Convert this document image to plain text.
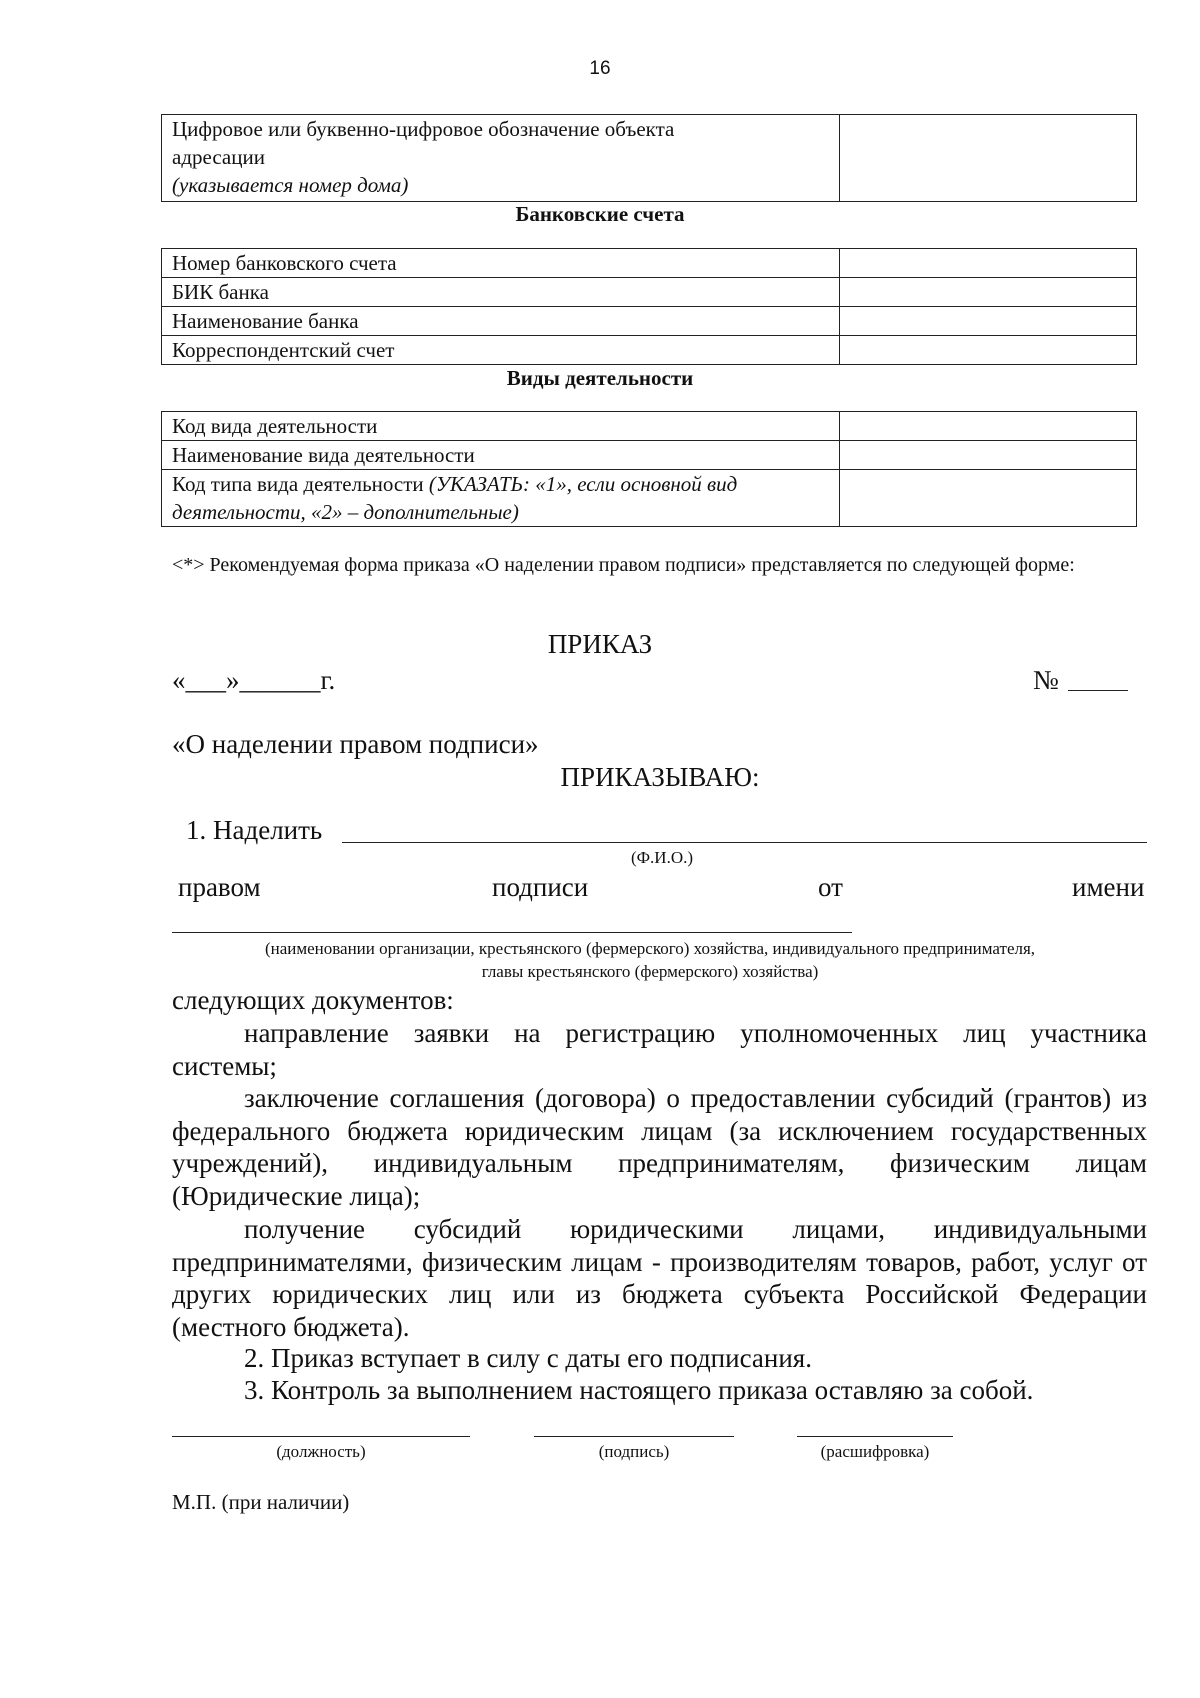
16
Цифровое или буквенно-цифровое обозначение объекта
адресации
(указывается номер дома)

Банковские счета
Номер банковского счета	
БИК банка	
Наименование банка	
Корреспондентский счет	
Виды деятельности
Код вида деятельности	
Наименование вида деятельности	
Код типа вида деятельности (УКАЗАТЬ: «1», если основной вид деятельности, «2» – дополнительные)	
<*> Рекомендуемая форма приказа «О наделении правом подписи» представляется по следующей форме:
ПРИКАЗ
«___»______г.	№
«О наделении правом подписи»
ПРИКАЗЫВАЮ:
1. Наделить
(Ф.И.О.)
правом	подписи	от	имени
(наименовании организации, крестьянского (фермерского) хозяйства, индивидуального предпринимателя,
главы крестьянского (фермерского) хозяйства)
следующих документов:
направление заявки на регистрацию уполномоченных лиц участника системы;
заключение соглашения (договора) о предоставлении субсидий (грантов) из федерального бюджета юридическим лицам (за исключением государственных учреждений), индивидуальным предпринимателям, физическим лицам (Юридические лица);
получение субсидий юридическими лицами, индивидуальными предпринимателями, физическим лицам - производителям товаров, работ, услуг от других юридических лиц или из бюджета субъекта Российской Федерации (местного бюджета).
2. Приказ вступает в силу с даты его подписания.
3. Контроль за выполнением настоящего приказа оставляю за собой.
(должность)	(подпись)	(расшифровка)
М.П. (при наличии)
